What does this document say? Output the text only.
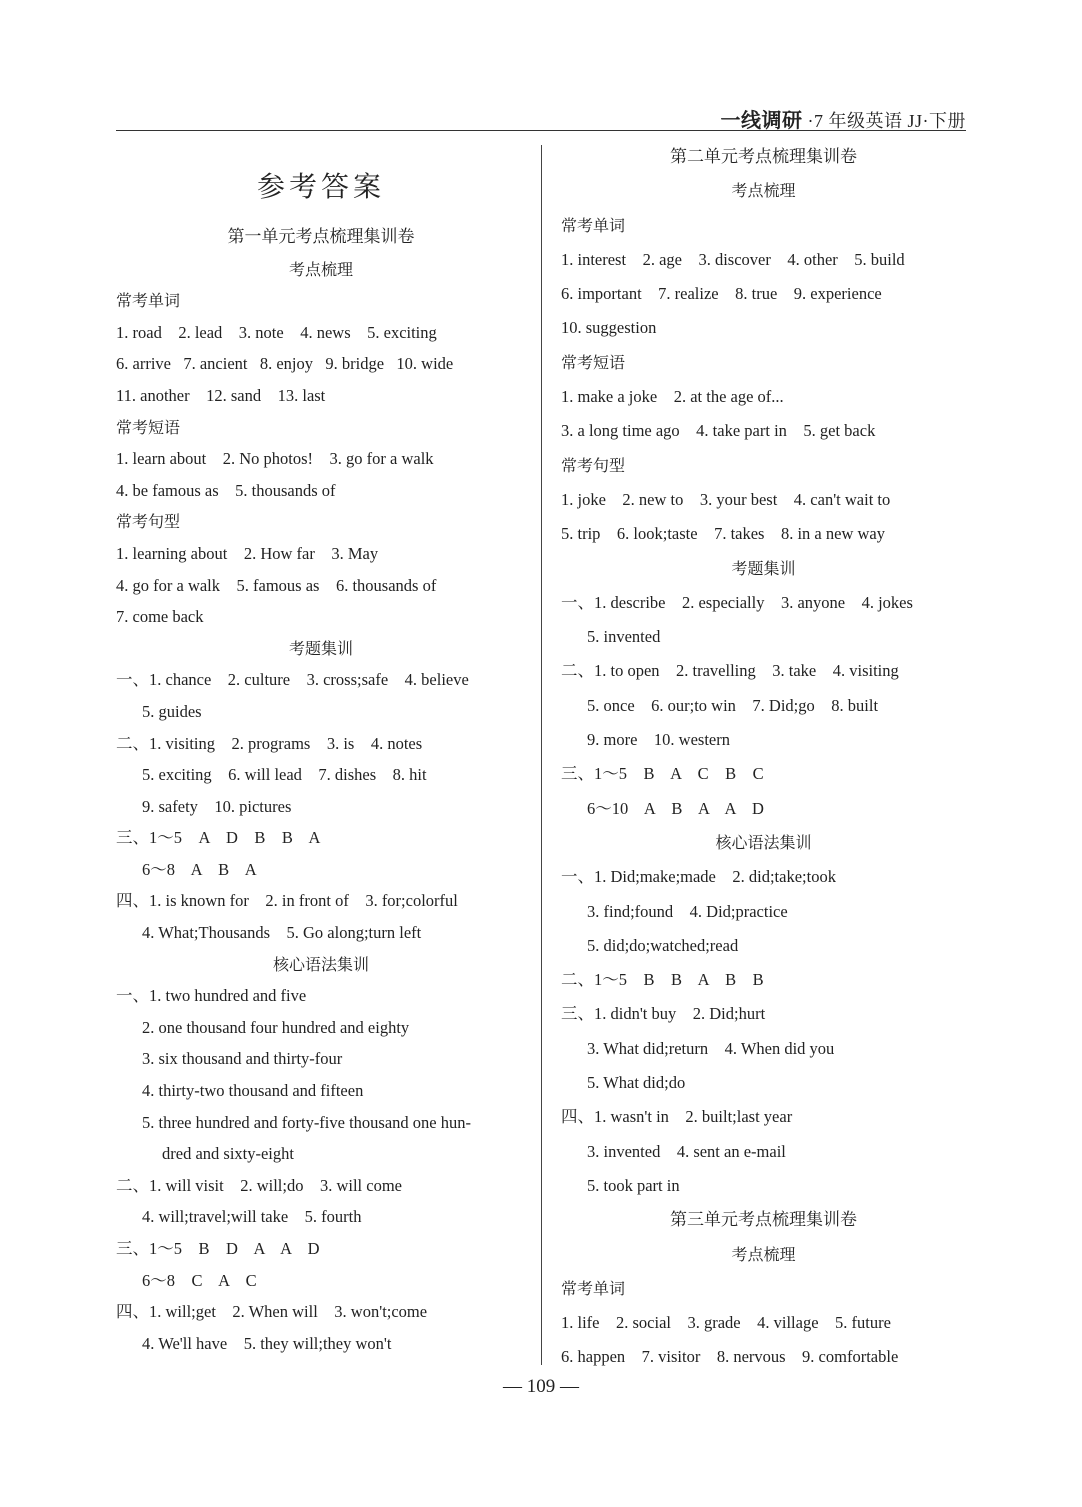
一线调研 ·7 年级英语 JJ·下册
参考答案
第一单元考点梳理集训卷
考点梳理
常考单词
1. road    2. lead    3. note    4. news    5. exciting
6. arrive   7. ancient   8. enjoy   9. bridge   10. wide
11. another    12. sand    13. last
常考短语
1. learn about    2. No photos!    3. go for a walk
4. be famous as    5. thousands of
常考句型
1. learning about    2. How far    3. May
4. go for a walk    5. famous as    6. thousands of
7. come back
考题集训
一、1. chance    2. culture    3. cross;safe    4. believe
5. guides
二、1. visiting    2. programs    3. is    4. notes
5. exciting    6. will lead    7. dishes    8. hit
9. safety    10. pictures
三、1～5    A    D    B    B    A
6～8    A    B    A
四、1. is known for    2. in front of    3. for;colorful
4. What;Thousands    5. Go along;turn left
核心语法集训
一、1. two hundred and five
2. one thousand four hundred and eighty
3. six thousand and thirty-four
4. thirty-two thousand and fifteen
5. three hundred and forty-five thousand one hun-
dred and sixty-eight
二、1. will visit    2. will;do    3. will come
4. will;travel;will take    5. fourth
三、1～5    B    D    A    A    D
6～8    C    A    C
四、1. will;get    2. When will    3. won't;come
4. We'll have    5. they will;they won't
第二单元考点梳理集训卷
考点梳理
常考单词
1. interest    2. age    3. discover    4. other    5. build
6. important    7. realize    8. true    9. experience
10. suggestion
常考短语
1. make a joke    2. at the age of...
3. a long time ago    4. take part in    5. get back
常考句型
1. joke    2. new to    3. your best    4. can't wait to
5. trip    6. look;taste    7. takes    8. in a new way
考题集训
一、1. describe    2. especially    3. anyone    4. jokes
5. invented
二、1. to open    2. travelling    3. take    4. visiting
5. once    6. our;to win    7. Did;go    8. built
9. more    10. western
三、1～5    B    A    C    B    C
6～10    A    B    A    A    D
核心语法集训
一、1. Did;make;made    2. did;take;took
3. find;found    4. Did;practice
5. did;do;watched;read
二、1～5    B    B    A    B    B
三、1. didn't buy    2. Did;hurt
3. What did;return    4. When did you
5. What did;do
四、1. wasn't in    2. built;last year
3. invented    4. sent an e-mail
5. took part in
第三单元考点梳理集训卷
考点梳理
常考单词
1. life    2. social    3. grade    4. village    5. future
6. happen    7. visitor    8. nervous    9. comfortable
— 109 —
